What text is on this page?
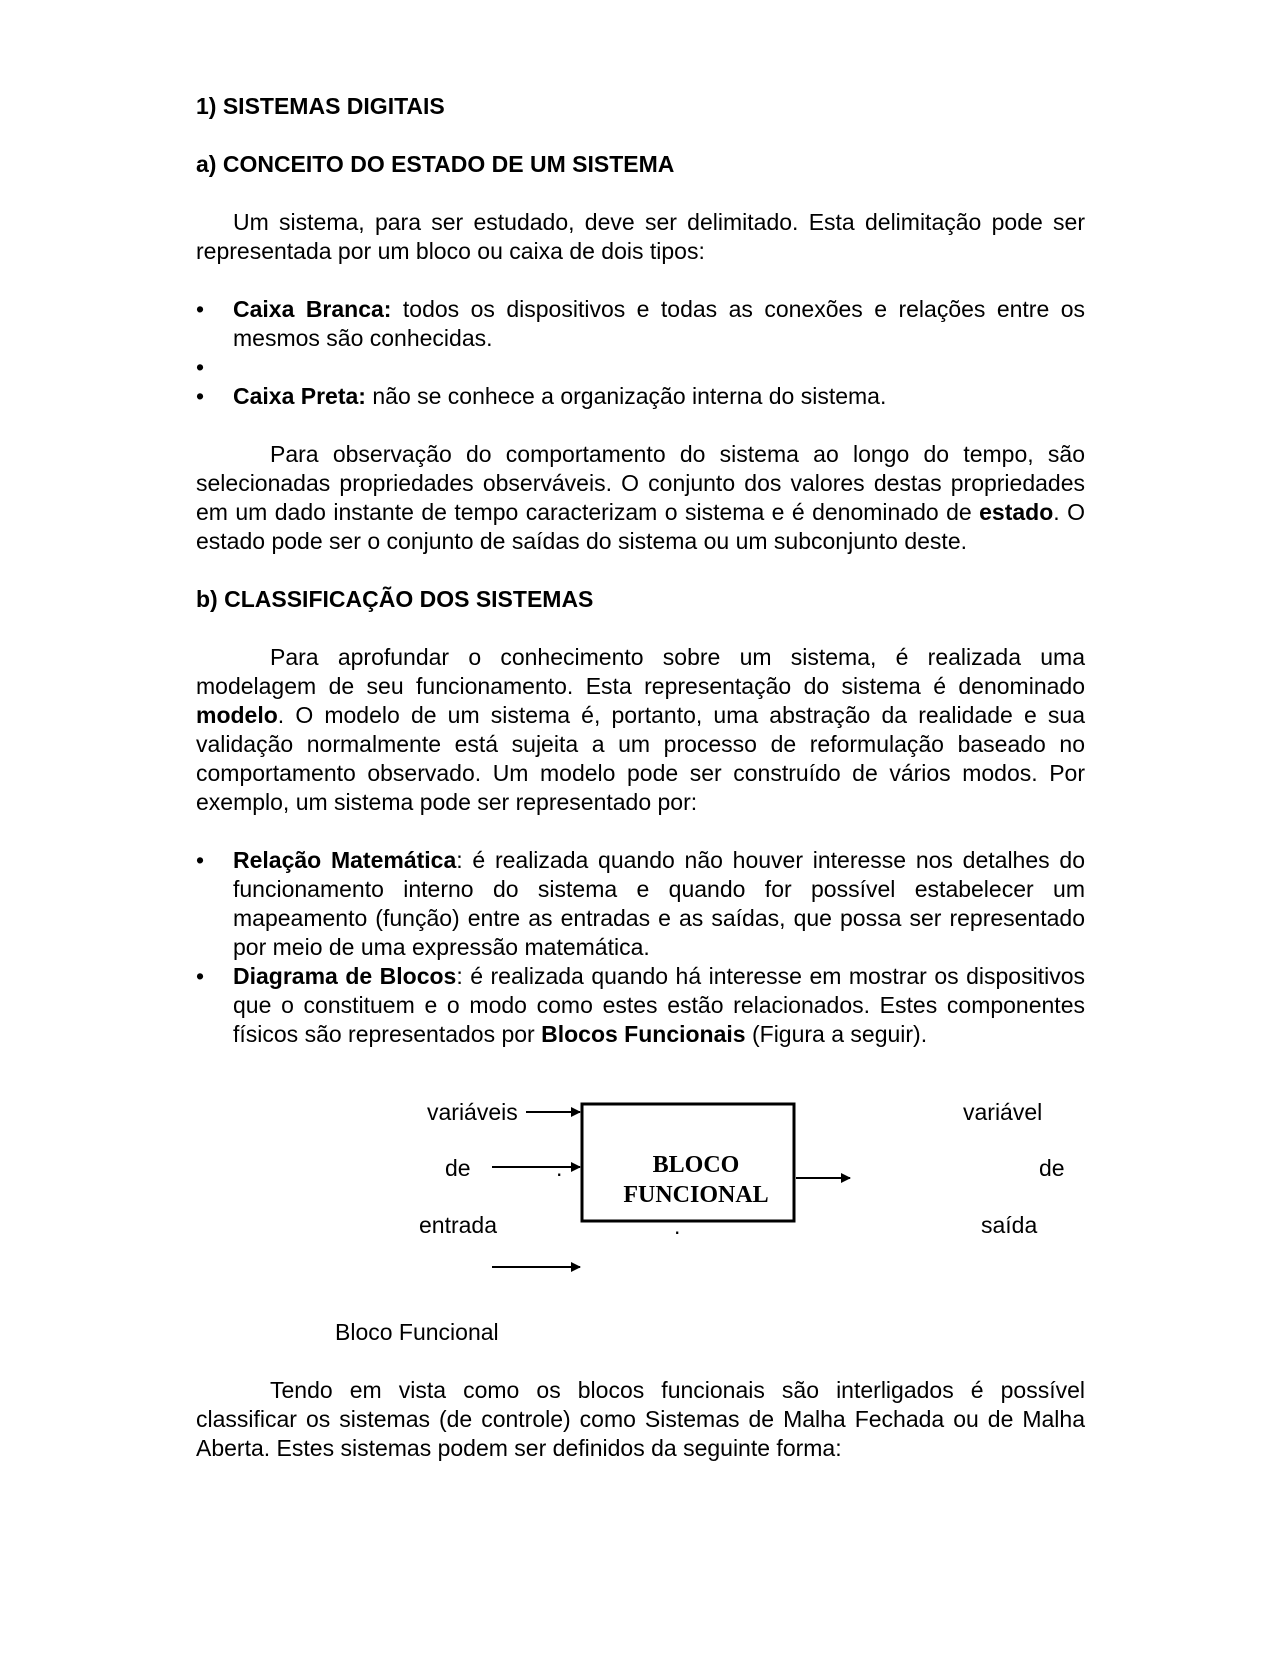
1) SISTEMAS DIGITAIS
a) CONCEITO DO ESTADO DE UM SISTEMA

Um sistema, para ser estudado, deve ser delimitado. Esta delimitação pode ser representada por um bloco ou caixa de dois tipos:

• Caixa Branca: todos os dispositivos e todas as conexões e relações entre os mesmos são conhecidas.
•
• Caixa Preta: não se conhece a organização interna do sistema.

Para observação do comportamento do sistema ao longo do tempo, são selecionadas propriedades observáveis. O conjunto dos valores destas propriedades em um dado instante de tempo caracterizam o sistema e é denominado de estado. O estado pode ser o conjunto de saídas do sistema ou um subconjunto deste.

b) CLASSIFICAÇÃO DOS SISTEMAS

Para aprofundar o conhecimento sobre um sistema, é realizada uma modelagem de seu funcionamento. Esta representação do sistema é denominado modelo. O modelo de um sistema é, portanto, uma abstração da realidade e sua validação normalmente está sujeita a um processo de reformulação baseado no comportamento observado. Um modelo pode ser construído de vários modos. Por exemplo, um sistema pode ser representado por:

• Relação Matemática: é realizada quando não houver interesse nos detalhes do funcionamento interno do sistema e quando for possível estabelecer um mapeamento (função) entre as entradas e as saídas, que possa ser representado por meio de uma expressão matemática.
• Diagrama de Blocos: é realizada quando há interesse em mostrar os dispositivos que o constituem e o modo como estes estão relacionados. Estes componentes físicos são representados por Blocos Funcionais (Figura a seguir).
variáveis
de
entrada
.
.
BLOCO
FUNCIONAL
variável
de
saída
Bloco Funcional

Tendo em vista como os blocos funcionais são interligados é possível classificar os sistemas (de controle) como Sistemas de Malha Fechada ou de Malha Aberta. Estes sistemas podem ser definidos da seguinte forma:
